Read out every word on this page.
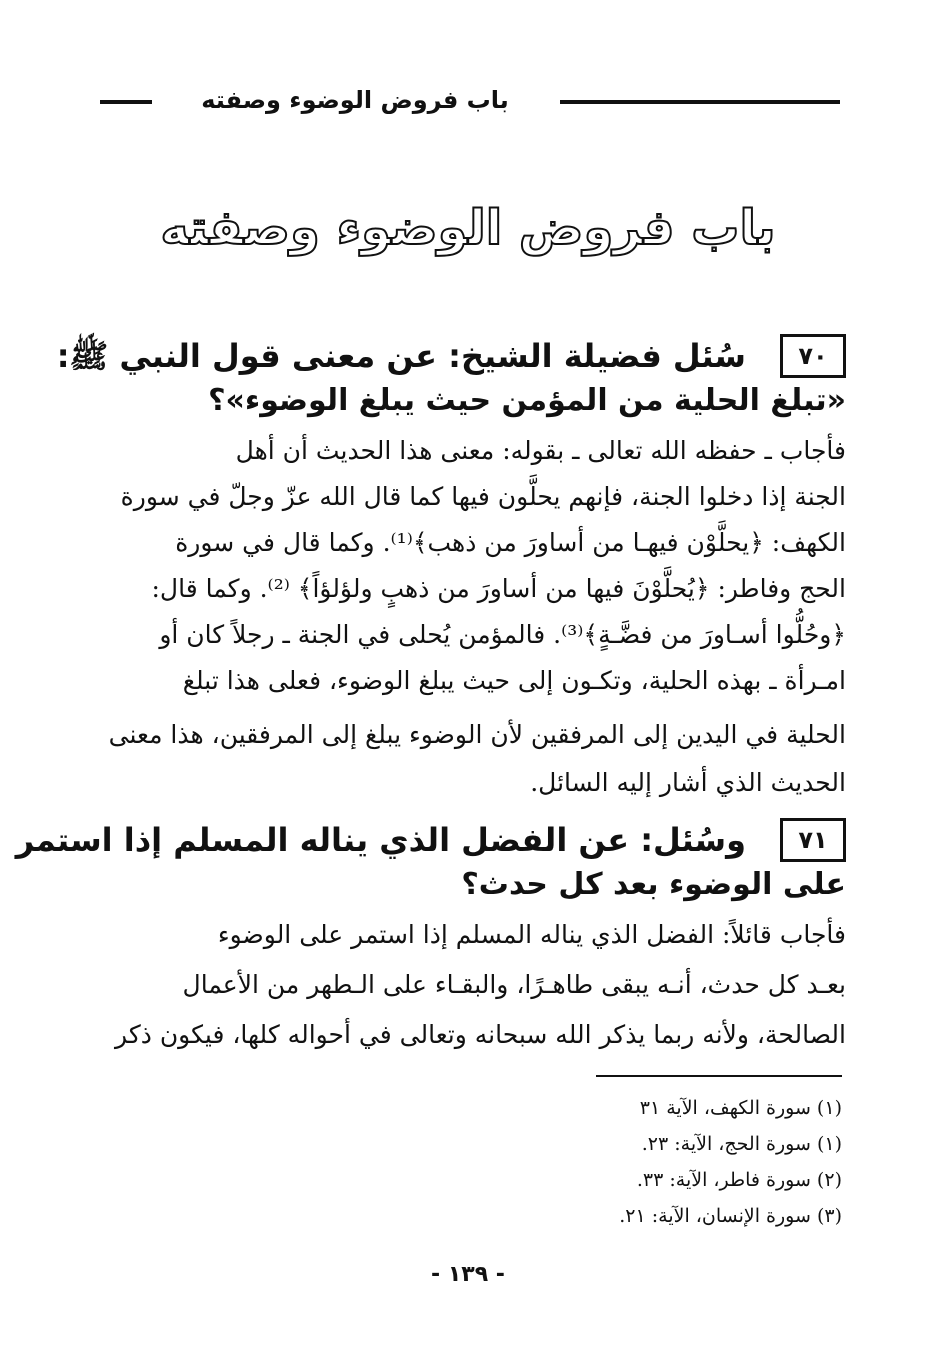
باب فروض الوضوء وصفته
باب فروض الوضوء وصفته
٧٠
سُئل فضيلة الشيخ: عن معنى قول النبي ﷺ:
«تبلغ الحلية من المؤمن حيث يبلغ الوضوء»؟
فأجاب ـ حفظه الله تعالى ـ بقوله: معنى هذا الحديث أن أهل
الجنة إذا دخلوا الجنة، فإنهم يحلَّون فيها كما قال الله عزّ وجلّ في سورة
الكهف: ﴿يحلَّوْن فيهـا من أساورَ من ذهب﴾⁽¹⁾. وكما قال في سورة
الحج وفاطر: ﴿يُحلَّوْنَ فيها من أساورَ من ذهبٍ ولؤلؤاً﴾ ⁽²⁾. وكما قال:
﴿وحُلُّوا أسـاورَ من فضَّـةٍ﴾⁽³⁾. فالمؤمن يُحلى في الجنة ـ رجلاً كان أو
امـرأة ـ بهذه الحلية، وتكـون إلى حيث يبلغ الوضوء، فعلى هذا تبلغ
الحلية في اليدين إلى المرفقين لأن الوضوء يبلغ إلى المرفقين، هذا معنى
الحديث الذي أشار إليه السائل.
٧١
وسُئل: عن الفضل الذي يناله المسلم إذا استمر
على الوضوء بعد كل حدث؟
فأجاب قائلاً: الفضل الذي يناله المسلم إذا استمر على الوضوء
بعـد كل حدث، أنـه يبقى طاهـرًا، والبقـاء على الـطهر من الأعمال
الصالحة، ولأنه ربما يذكر الله سبحانه وتعالى في أحواله كلها، فيكون ذكر
(١) سورة الكهف، الآية ٣١
(١) سورة الحج، الآية: ٢٣.
(٢) سورة فاطر، الآية: ٣٣.
(٣) سورة الإنسان، الآية: ٢١.
- ١٣٩ -
